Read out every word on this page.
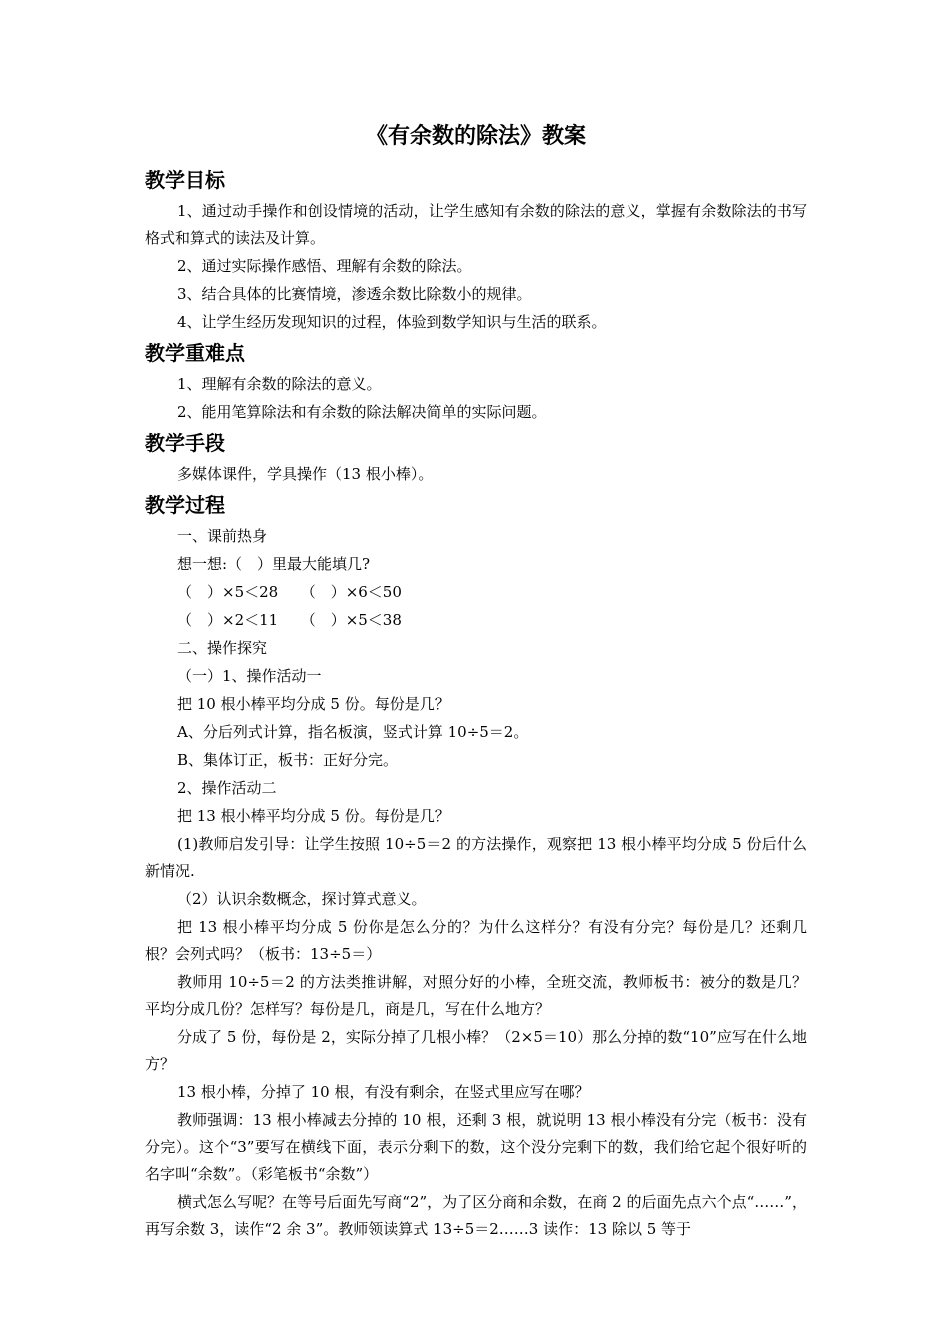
《有余数的除法》教案
教学目标
1、通过动手操作和创设情境的活动，让学生感知有余数的除法的意义，掌握有余数除法的书写格式和算式的读法及计算。
2、通过实际操作感悟、理解有余数的除法。
3、结合具体的比赛情境，渗透余数比除数小的规律。
4、让学生经历发现知识的过程，体验到数学知识与生活的联系。
教学重难点
1、理解有余数的除法的意义。
2、能用笔算除法和有余数的除法解决简单的实际问题。
教学手段
多媒体课件，学具操作（13 根小棒）。
教学过程
一、课前热身
想一想:（　）里最大能填几?
（　）×5＜28　　（　）×6＜50
（　）×2＜11　　（　）×5＜38
二、操作探究
（一）1、操作活动一
把 10 根小棒平均分成 5 份。每份是几？
A、分后列式计算，指名板演，竖式计算 10÷5＝2。
B、集体订正，板书：正好分完。
2、操作活动二
把 13 根小棒平均分成 5 份。每份是几？
(1)教师启发引导：让学生按照 10÷5＝2 的方法操作，观察把 13 根小棒平均分成 5 份后什么新情况.
（2）认识余数概念，探讨算式意义。
把 13 根小棒平均分成 5 份你是怎么分的？为什么这样分？有没有分完？每份是几？还剩几根？会列式吗？（板书：13÷5＝）
教师用 10÷5＝2 的方法类推讲解，对照分好的小棒，全班交流，教师板书：被分的数是几？平均分成几份？怎样写？每份是几，商是几，写在什么地方？
分成了 5 份，每份是 2，实际分掉了几根小棒？（2×5＝10）那么分掉的数“10”应写在什么地方？
13 根小棒，分掉了 10 根，有没有剩余，在竖式里应写在哪？
教师强调：13 根小棒减去分掉的 10 根，还剩 3 根，就说明 13 根小棒没有分完（板书：没有分完）。这个“3”要写在横线下面，表示分剩下的数，这个没分完剩下的数，我们给它起个很好听的名字叫“余数”。（彩笔板书“余数”）
横式怎么写呢？在等号后面先写商“2”，为了区分商和余数，在商 2 的后面先点六个点“……”，再写余数 3，读作“2 余 3”。教师领读算式 13÷5＝2……3 读作：13 除以 5 等于
